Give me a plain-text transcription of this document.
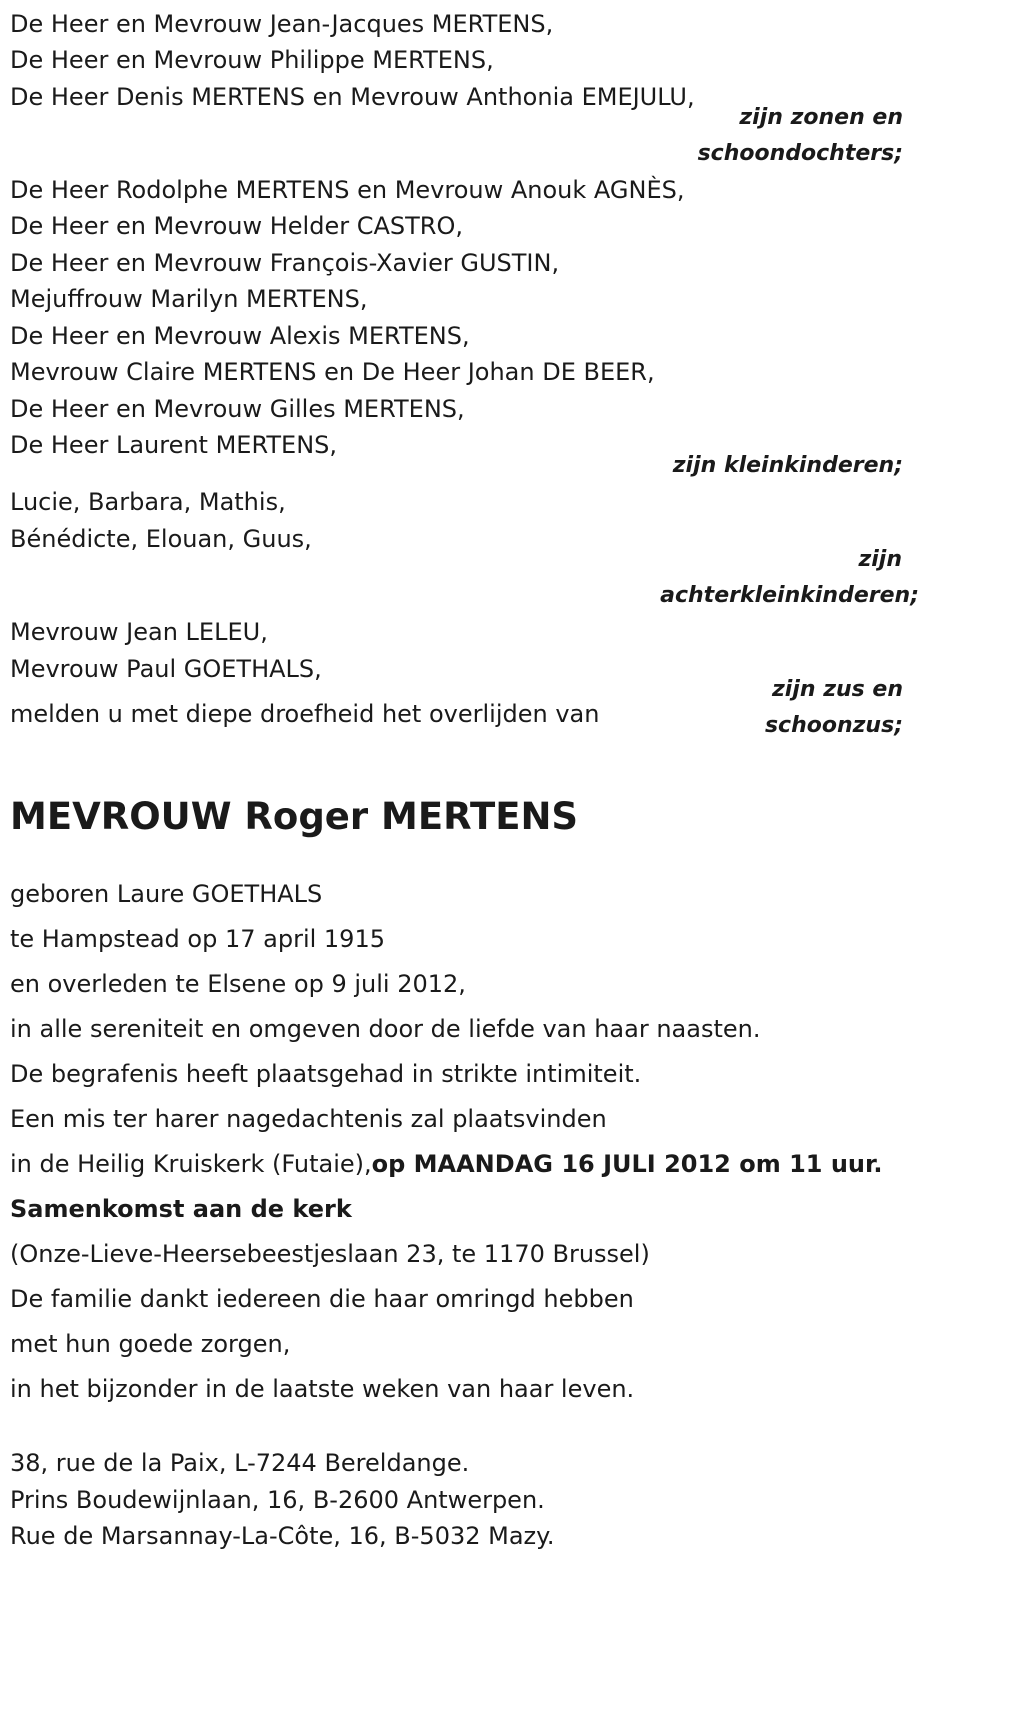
De Heer en Mevrouw Jean-Jacques MERTENS,
De Heer en Mevrouw Philippe MERTENS,
De Heer Denis MERTENS en Mevrouw Anthonia EMEJULU,
zijn zonen en
schoondochters;
De Heer Rodolphe MERTENS en Mevrouw Anouk AGNÈS,
De Heer en Mevrouw Helder CASTRO,
De Heer en Mevrouw François-Xavier GUSTIN,
Mejuffrouw Marilyn MERTENS,
De Heer en Mevrouw Alexis MERTENS,
Mevrouw Claire MERTENS en De Heer Johan DE BEER,
De Heer en Mevrouw Gilles MERTENS,
De Heer Laurent MERTENS,
zijn kleinkinderen;
Lucie, Barbara, Mathis,
Bénédicte, Elouan, Guus,
zijn
achterkleinkinderen;
Mevrouw Jean LELEU,
Mevrouw Paul GOETHALS,
zijn zus en
schoonzus;
melden u met diepe droefheid het overlijden van
MEVROUW Roger MERTENS
geboren Laure GOETHALS
te Hampstead op 17 april 1915
en overleden te Elsene op 9 juli 2012,
in alle sereniteit en omgeven door de liefde van haar naasten.
De begrafenis heeft plaatsgehad in strikte intimiteit.
Een mis ter harer nagedachtenis zal plaatsvinden
in de Heilig Kruiskerk (Futaie),op MAANDAG 16 JULI 2012 om 11 uur.
Samenkomst aan de kerk
(Onze-Lieve-Heersebeestjeslaan 23, te 1170 Brussel)
De familie dankt iedereen die haar omringd hebben
met hun goede zorgen,
in het bijzonder in de laatste weken van haar leven.
38, rue de la Paix, L-7244 Bereldange.
Prins Boudewijnlaan, 16, B-2600 Antwerpen.
Rue de Marsannay-La-Côte, 16, B-5032 Mazy.
